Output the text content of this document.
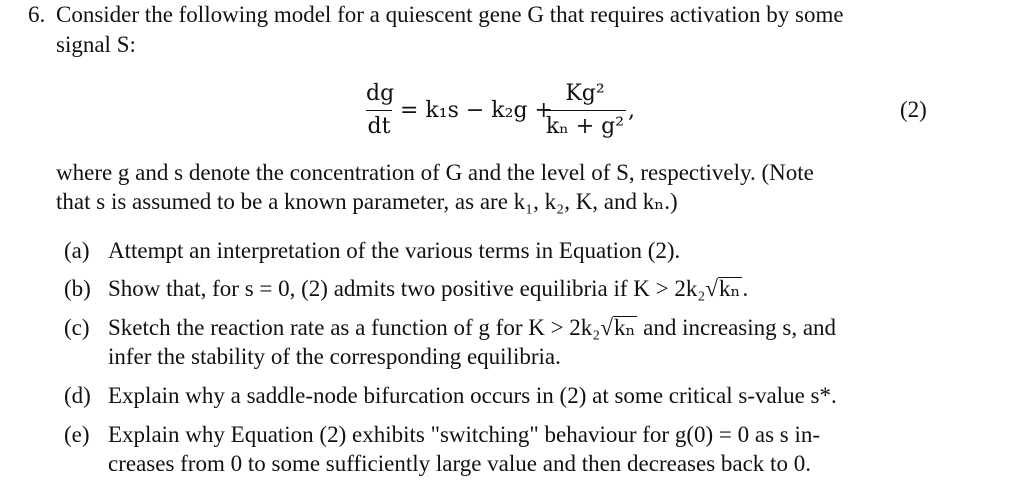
6. Consider the following model for a quiescent gene G that requires activation by some
signal S:
dg
dt
= k₁s − k₂g +
Kg²
kₙ + g²
,	(2)
where g and s denote the concentration of G and the level of S, respectively. (Note
that s is assumed to be a known parameter, as are k₁, k₂, K, and kₙ.)
(a) Attempt an interpretation of the various terms in Equation (2).
(b) Show that, for s = 0, (2) admits two positive equilibria if K > 2k₂√kₙ.
(c) Sketch the reaction rate as a function of g for K > 2k₂√kₙ and increasing s, and
infer the stability of the corresponding equilibria.
(d) Explain why a saddle-node bifurcation occurs in (2) at some critical s-value s*.
(e) Explain why Equation (2) exhibits "switching" behaviour for g(0) = 0 as s in-
creases from 0 to some sufficiently large value and then decreases back to 0.
